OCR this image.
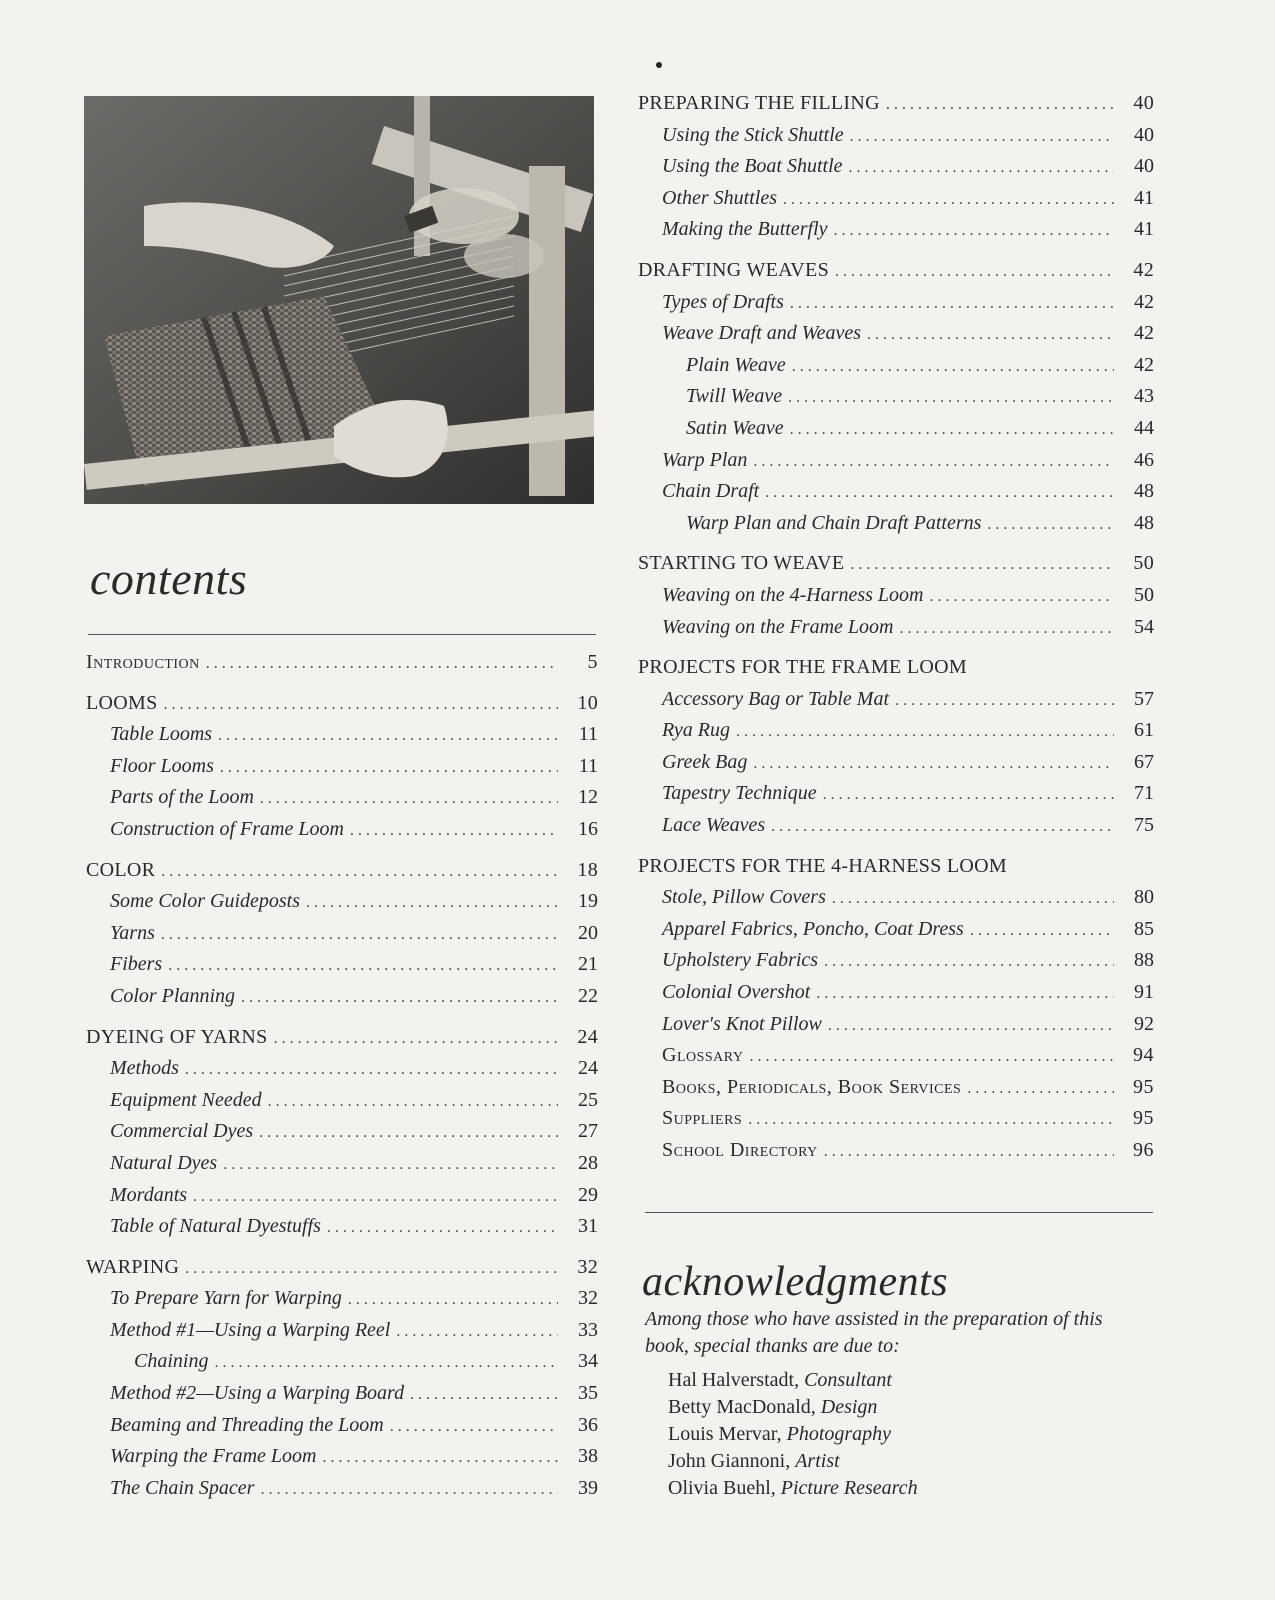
contents
Introduction . . .	5
LOOMS . . .	10
Table Looms . . .	11
Floor Looms . . .	11
Parts of the Loom . . .	12
Construction of Frame Loom . . .	16
COLOR . . .	18
Some Color Guideposts . . .	19
Yarns . . .	20
Fibers . . .	21
Color Planning . . .	22
DYEING OF YARNS . . .	24
Methods . . .	24
Equipment Needed . . .	25
Commercial Dyes . . .	27
Natural Dyes . . .	28
Mordants . . .	29
Table of Natural Dyestuffs . . .	31
WARPING . . .	32
To Prepare Yarn for Warping . . .	32
Method #1—Using a Warping Reel . . .	33
Chaining . . .	34
Method #2—Using a Warping Board . . .	35
Beaming and Threading the Loom . . .	36
Warping the Frame Loom . . .	38
The Chain Spacer . . .	39
PREPARING THE FILLING . . .	40
Using the Stick Shuttle . . .	40
Using the Boat Shuttle . . .	40
Other Shuttles . . .	41
Making the Butterfly . . .	41
DRAFTING WEAVES . . .	42
Types of Drafts . . .	42
Weave Draft and Weaves . . .	42
Plain Weave . . .	42
Twill Weave . . .	43
Satin Weave . . .	44
Warp Plan . . .	46
Chain Draft . . .	48
Warp Plan and Chain Draft Patterns . . .	48
STARTING TO WEAVE . . .	50
Weaving on the 4-Harness Loom . . .	50
Weaving on the Frame Loom . . .	54
PROJECTS FOR THE FRAME LOOM
Accessory Bag or Table Mat . . .	57
Rya Rug . . .	61
Greek Bag . . .	67
Tapestry Technique . . .	71
Lace Weaves . . .	75
PROJECTS FOR THE 4-HARNESS LOOM
Stole, Pillow Covers . . .	80
Apparel Fabrics, Poncho, Coat Dress . . .	85
Upholstery Fabrics . . .	88
Colonial Overshot . . .	91
Lover's Knot Pillow . . .	92
Glossary . . .	94
Books, Periodicals, Book Services . . .	95
Suppliers . . .	95
School Directory . . .	96
acknowledgments
Among those who have assisted in the preparation of this book, special thanks are due to:
Hal Halverstadt, Consultant
Betty MacDonald, Design
Louis Mervar, Photography
John Giannoni, Artist
Olivia Buehl, Picture Research
